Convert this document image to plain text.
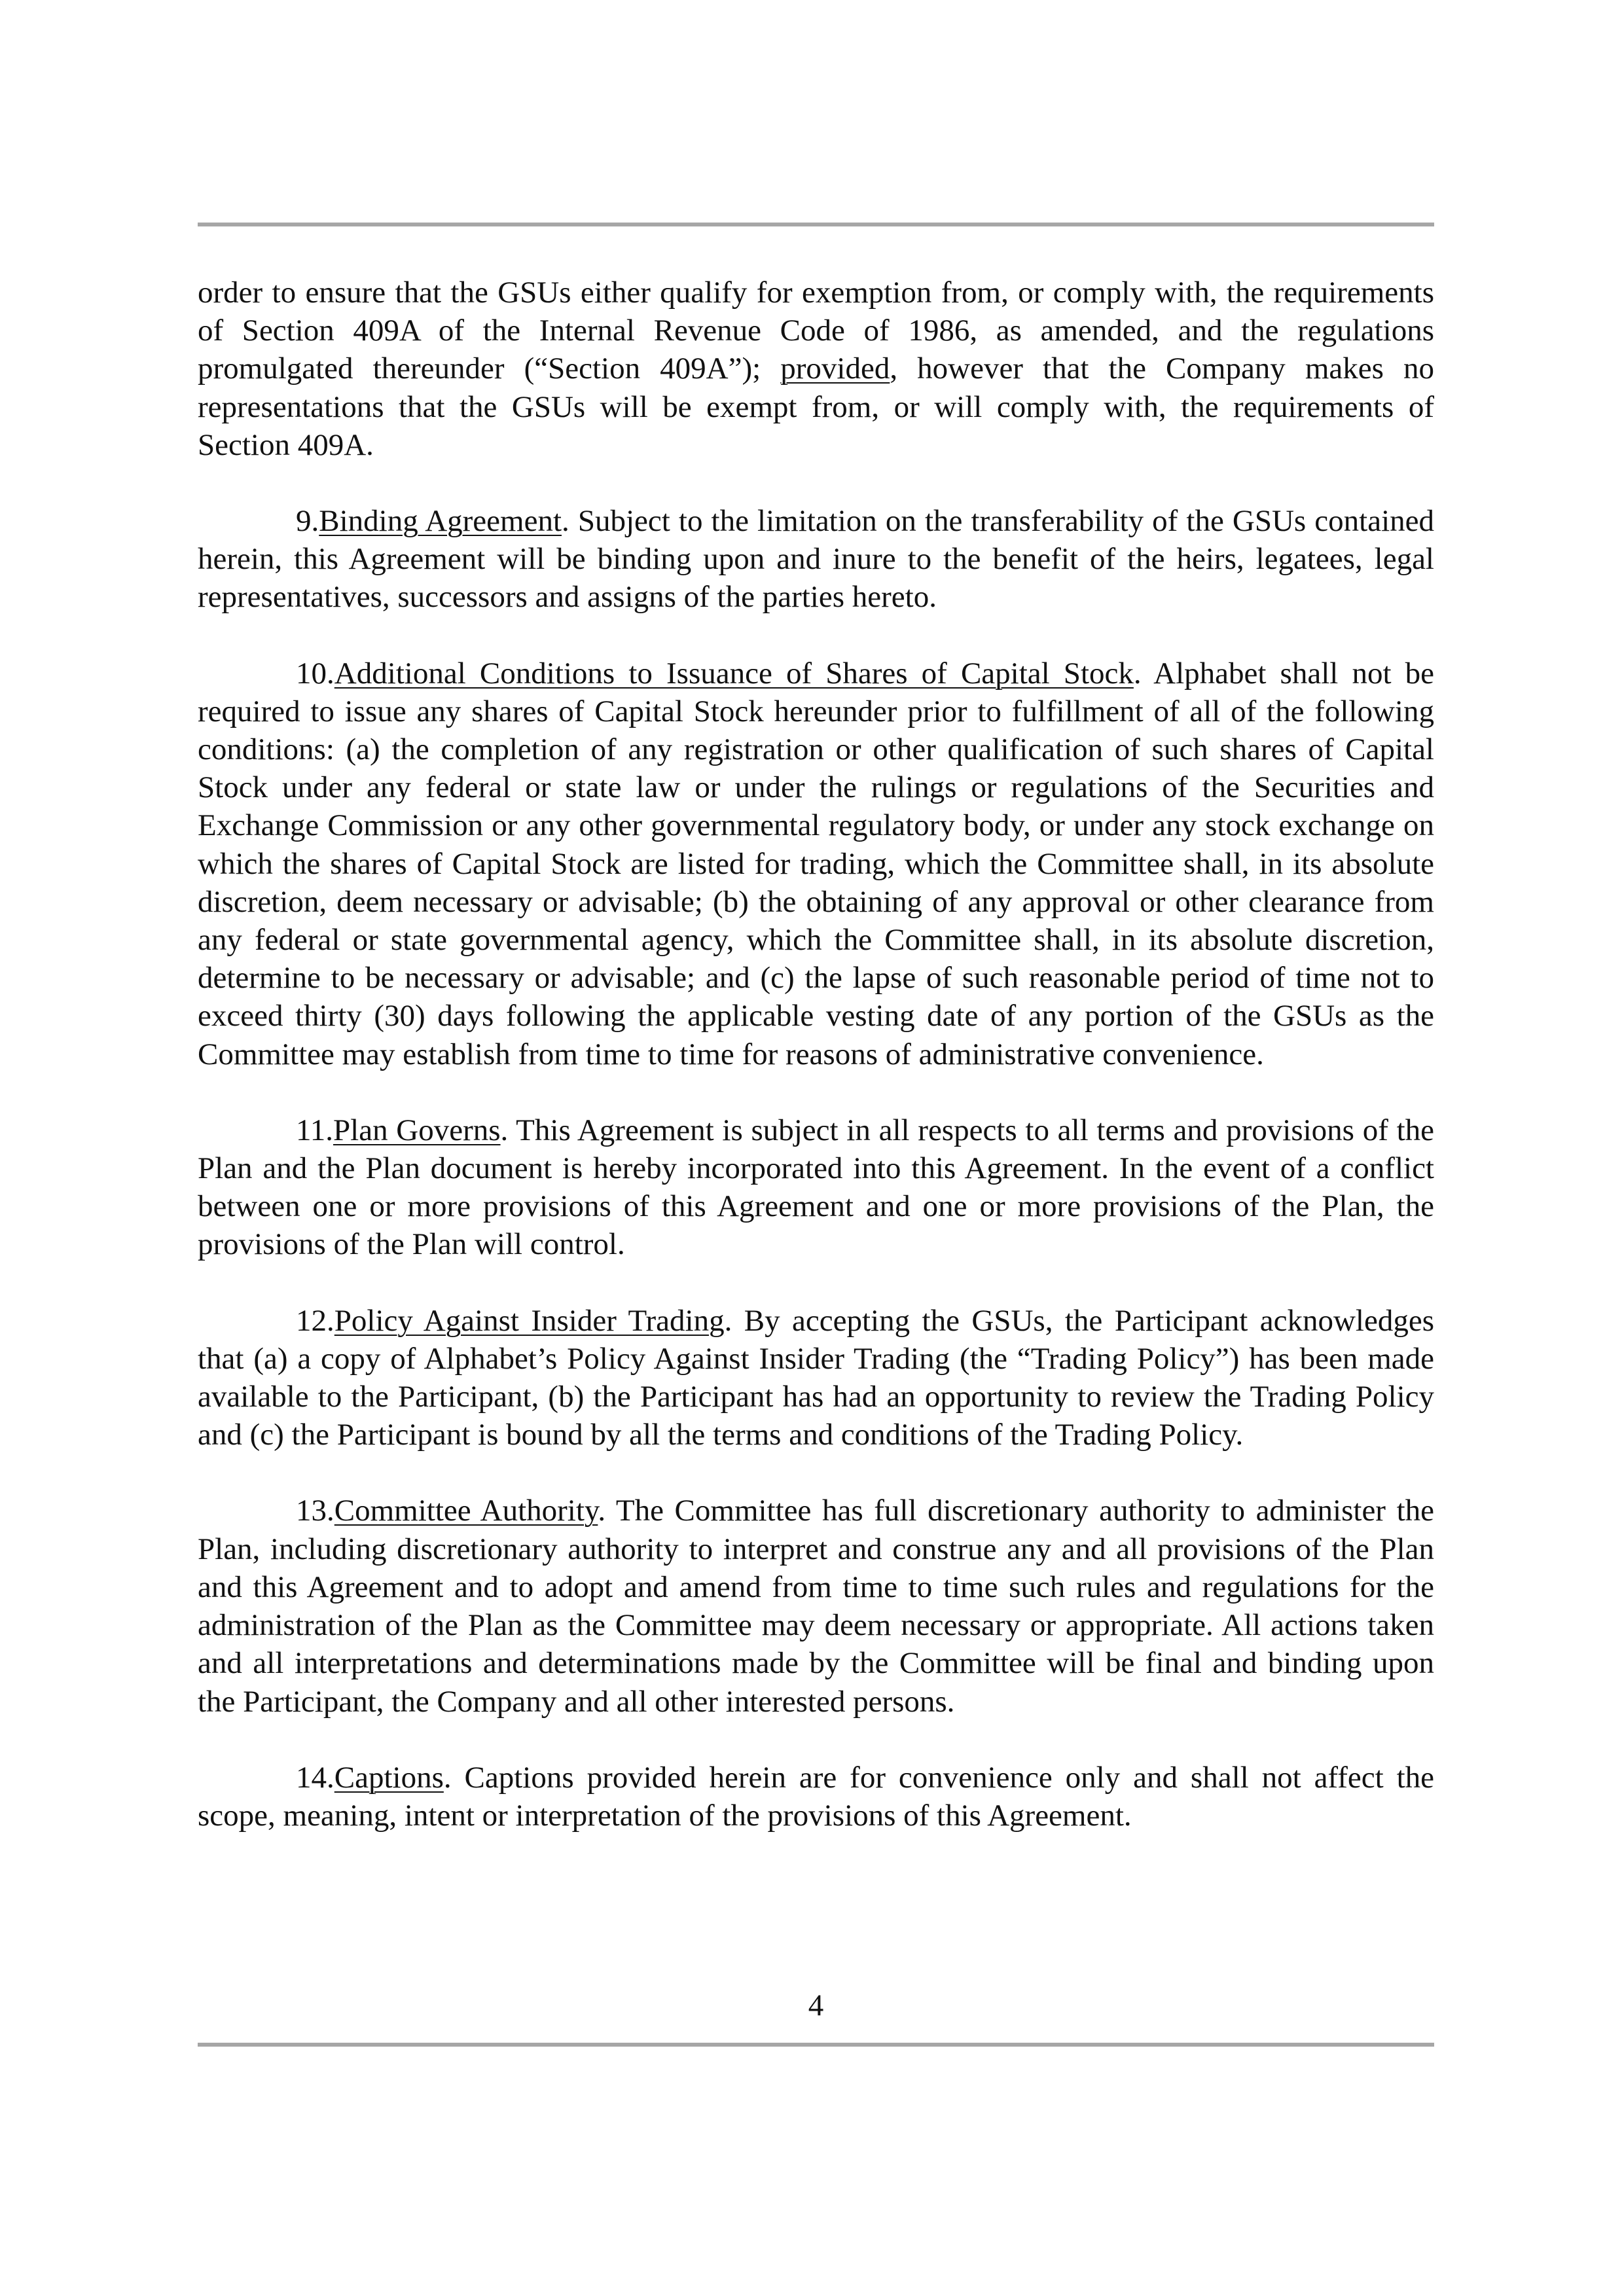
order to ensure that the GSUs either qualify for exemption from, or comply with, the requirements of Section 409A of the Internal Revenue Code of 1986, as amended, and the regulations promulgated thereunder (“Section 409A”); provided, however that the Company makes no representations that the GSUs will be exempt from, or will comply with, the requirements of Section 409A.

9.Binding Agreement. Subject to the limitation on the transferability of the GSUs contained herein, this Agreement will be binding upon and inure to the benefit of the heirs, legatees, legal representatives, successors and assigns of the parties hereto.

10.Additional Conditions to Issuance of Shares of Capital Stock. Alphabet shall not be required to issue any shares of Capital Stock hereunder prior to fulfillment of all of the following conditions: (a) the completion of any registration or other qualification of such shares of Capital Stock under any federal or state law or under the rulings or regulations of the Securities and Exchange Commission or any other governmental regulatory body, or under any stock exchange on which the shares of Capital Stock are listed for trading, which the Committee shall, in its absolute discretion, deem necessary or advisable; (b) the obtaining of any approval or other clearance from any federal or state governmental agency, which the Committee shall, in its absolute discretion, determine to be necessary or advisable; and (c) the lapse of such reasonable period of time not to exceed thirty (30) days following the applicable vesting date of any portion of the GSUs as the Committee may establish from time to time for reasons of administrative convenience.

11.Plan Governs. This Agreement is subject in all respects to all terms and provisions of the Plan and the Plan document is hereby incorporated into this Agreement. In the event of a conflict between one or more provisions of this Agreement and one or more provisions of the Plan, the provisions of the Plan will control.

12.Policy Against Insider Trading. By accepting the GSUs, the Participant acknowledges that (a) a copy of Alphabet’s Policy Against Insider Trading (the “Trading Policy”) has been made available to the Participant, (b) the Participant has had an opportunity to review the Trading Policy and (c) the Participant is bound by all the terms and conditions of the Trading Policy.

13.Committee Authority. The Committee has full discretionary authority to administer the Plan, including discretionary authority to interpret and construe any and all provisions of the Plan and this Agreement and to adopt and amend from time to time such rules and regulations for the administration of the Plan as the Committee may deem necessary or appropriate. All actions taken and all interpretations and determinations made by the Committee will be final and binding upon the Participant, the Company and all other interested persons.

14.Captions. Captions provided herein are for convenience only and shall not affect the scope, meaning, intent or interpretation of the provisions of this Agreement.

4
